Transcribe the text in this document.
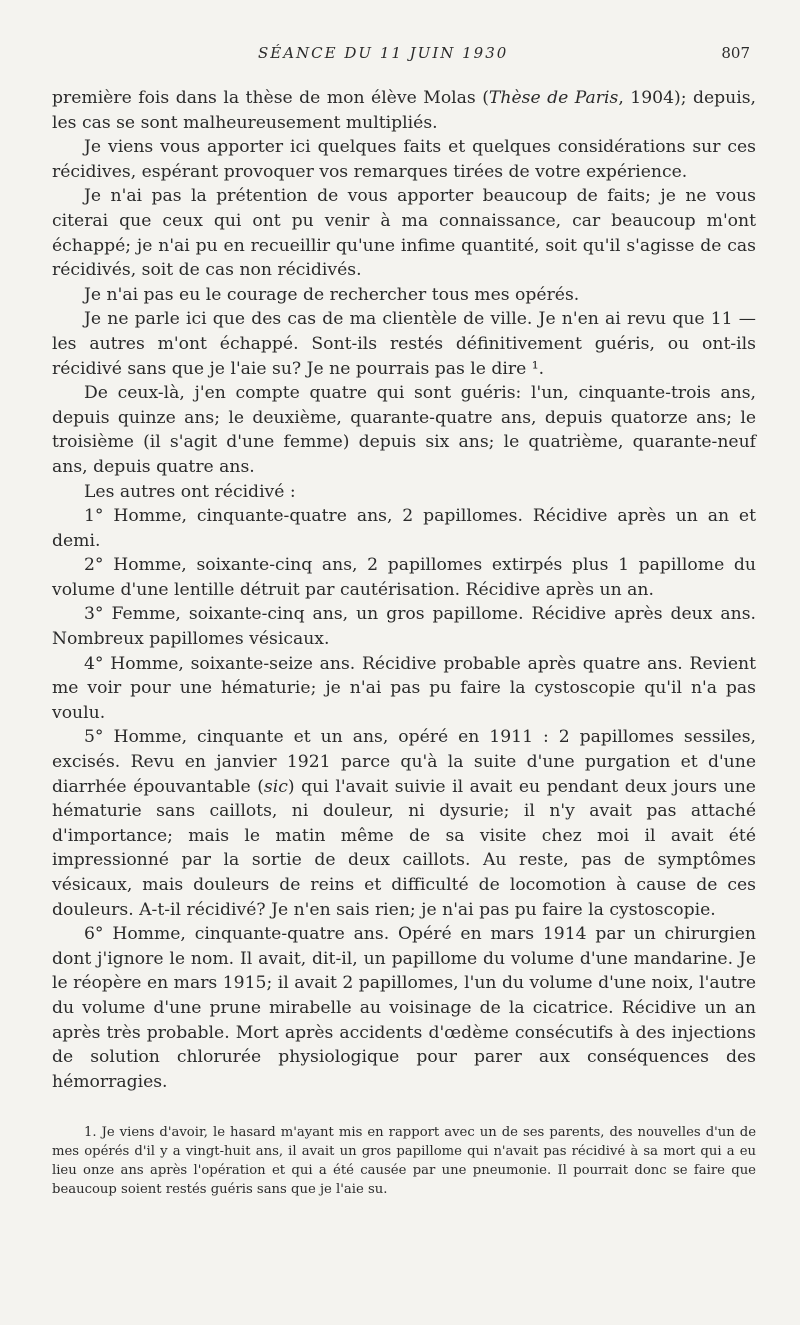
SÉANCE DU 11 JUIN 1930	807

première fois dans la thèse de mon élève Molas (Thèse de Paris, 1904); depuis, les cas se sont malheureusement multipliés.

Je viens vous apporter ici quelques faits et quelques considérations sur ces récidives, espérant provoquer vos remarques tirées de votre expérience.

Je n'ai pas la prétention de vous apporter beaucoup de faits; je ne vous citerai que ceux qui ont pu venir à ma connaissance, car beaucoup m'ont échappé; je n'ai pu en recueillir qu'une infime quantité, soit qu'il s'agisse de cas récidivés, soit de cas non récidivés.

Je n'ai pas eu le courage de rechercher tous mes opérés.

Je ne parle ici que des cas de ma clientèle de ville. Je n'en ai revu que 11 — les autres m'ont échappé. Sont-ils restés définitivement guéris, ou ont-ils récidivé sans que je l'aie su? Je ne pourrais pas le dire ¹.

De ceux-là, j'en compte quatre qui sont guéris: l'un, cinquante-trois ans, depuis quinze ans; le deuxième, quarante-quatre ans, depuis quatorze ans; le troisième (il s'agit d'une femme) depuis six ans; le quatrième, quarante-neuf ans, depuis quatre ans.

Les autres ont récidivé :

1° Homme, cinquante-quatre ans, 2 papillomes. Récidive après un an et demi.

2° Homme, soixante-cinq ans, 2 papillomes extirpés plus 1 papillome du volume d'une lentille détruit par cautérisation. Récidive après un an.

3° Femme, soixante-cinq ans, un gros papillome. Récidive après deux ans. Nombreux papillomes vésicaux.

4° Homme, soixante-seize ans. Récidive probable après quatre ans. Revient me voir pour une hématurie; je n'ai pas pu faire la cystoscopie qu'il n'a pas voulu.

5° Homme, cinquante et un ans, opéré en 1911 : 2 papillomes sessiles, excisés. Revu en janvier 1921 parce qu'à la suite d'une purgation et d'une diarrhée épouvantable (sic) qui l'avait suivie il avait eu pendant deux jours une hématurie sans caillots, ni douleur, ni dysurie; il n'y avait pas attaché d'importance; mais le matin même de sa visite chez moi il avait été impressionné par la sortie de deux caillots. Au reste, pas de symptômes vésicaux, mais douleurs de reins et difficulté de locomotion à cause de ces douleurs. A-t-il récidivé? Je n'en sais rien; je n'ai pas pu faire la cystoscopie.

6° Homme, cinquante-quatre ans. Opéré en mars 1914 par un chirurgien dont j'ignore le nom. Il avait, dit-il, un papillome du volume d'une mandarine. Je le réopère en mars 1915; il avait 2 papillomes, l'un du volume d'une noix, l'autre du volume d'une prune mirabelle au voisinage de la cicatrice. Récidive un an après très probable. Mort après accidents d'œdème consécutifs à des injections de solution chlorurée physiologique pour parer aux conséquences des hémorragies.

1. Je viens d'avoir, le hasard m'ayant mis en rapport avec un de ses parents, des nouvelles d'un de mes opérés d'il y a vingt-huit ans, il avait un gros papillome qui n'avait pas récidivé à sa mort qui a eu lieu onze ans après l'opération et qui a été causée par une pneumonie. Il pourrait donc se faire que beaucoup soient restés guéris sans que je l'aie su.
